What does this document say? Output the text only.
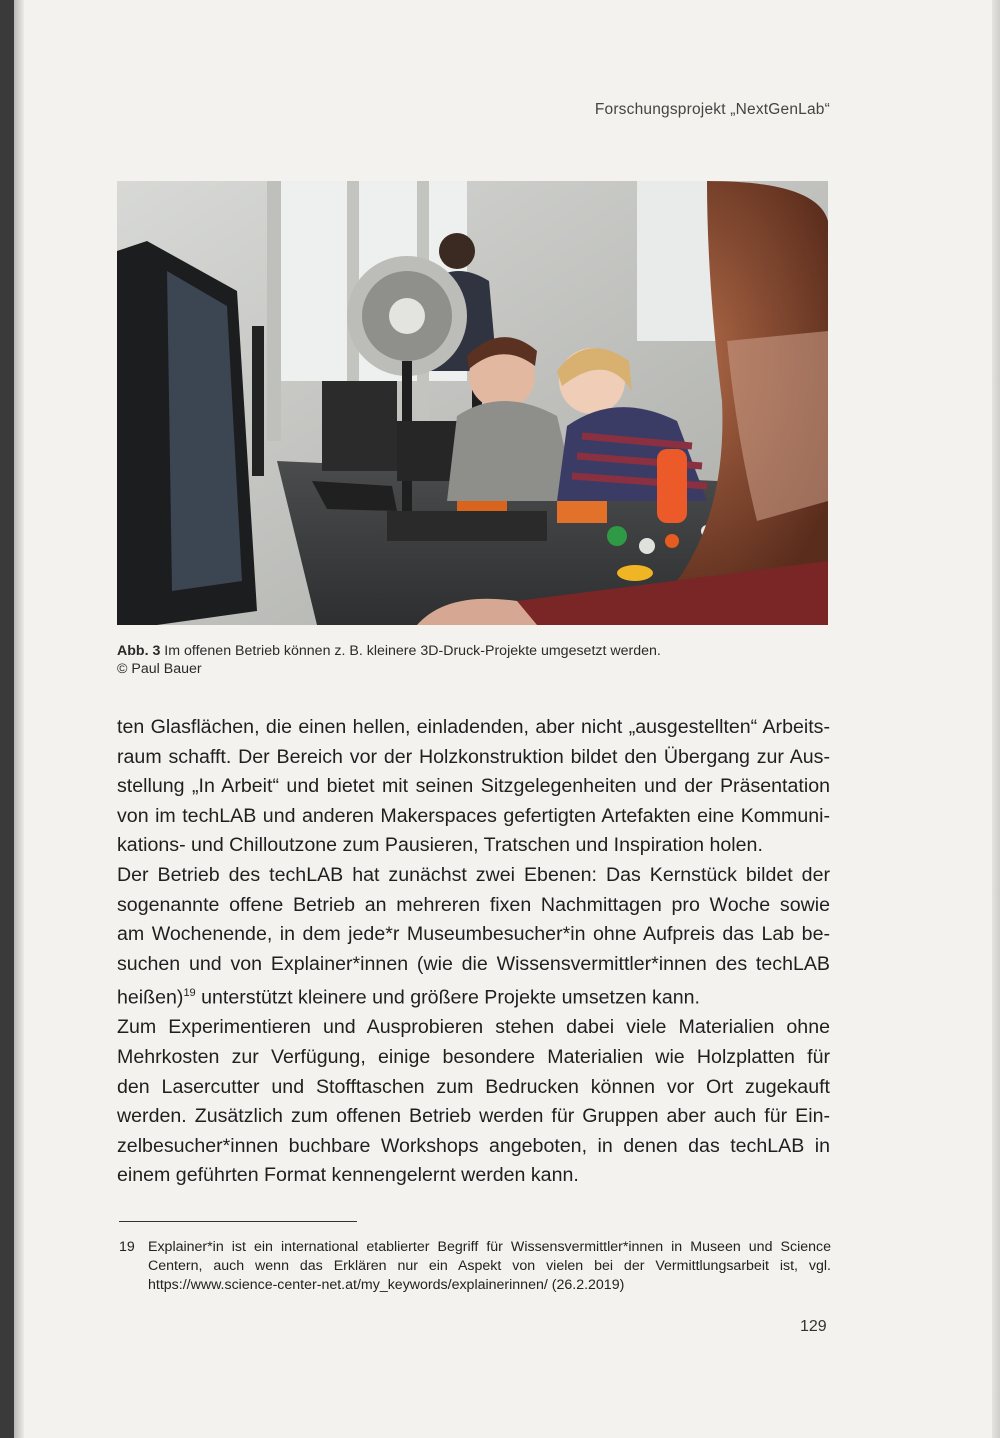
Forschungsprojekt „NextGenLab“
Abb. 3 Im offenen Betrieb können z. B. kleinere 3D-Druck-Projekte umgesetzt werden.
© Paul Bauer

ten Glasflächen, die einen hellen, einladenden, aber nicht „ausgestellten“ Arbeits-
raum schafft. Der Bereich vor der Holzkonstruktion bildet den Übergang zur Aus-
stellung „In Arbeit“ und bietet mit seinen Sitzgelegenheiten und der Präsentation
von im techLAB und anderen Makerspaces gefertigten Artefakten eine Kommuni-
kations- und Chilloutzone zum Pausieren, Tratschen und Inspiration holen.

Der Betrieb des techLAB hat zunächst zwei Ebenen: Das Kernstück bildet der
sogenannte offene Betrieb an mehreren fixen Nachmittagen pro Woche sowie
am Wochenende, in dem jede*r Museumbesucher*in ohne Aufpreis das Lab be-
suchen und von Explainer*innen (wie die Wissensvermittler*innen des techLAB
heißen)$^{19}$ unterstützt kleinere und größere Projekte umsetzen kann.

Zum Experimentieren und Ausprobieren stehen dabei viele Materialien ohne
Mehrkosten zur Verfügung, einige besondere Materialien wie Holzplatten für
den Lasercutter und Stofftaschen zum Bedrucken können vor Ort zugekauft
werden. Zusätzlich zum offenen Betrieb werden für Gruppen aber auch für Ein-
zelbesucher*innen buchbare Workshops angeboten, in denen das techLAB in
einem geführten Format kennengelernt werden kann.

19 Explainer*in ist ein international etablierter Begriff für Wissensvermittler*innen in Museen und Science Centern, auch wenn das Erklären nur ein Aspekt von vielen bei der Vermittlungsarbeit ist, vgl. https://www.science-center-net.at/my_keywords/explainerinnen/ (26.2.2019)
129
